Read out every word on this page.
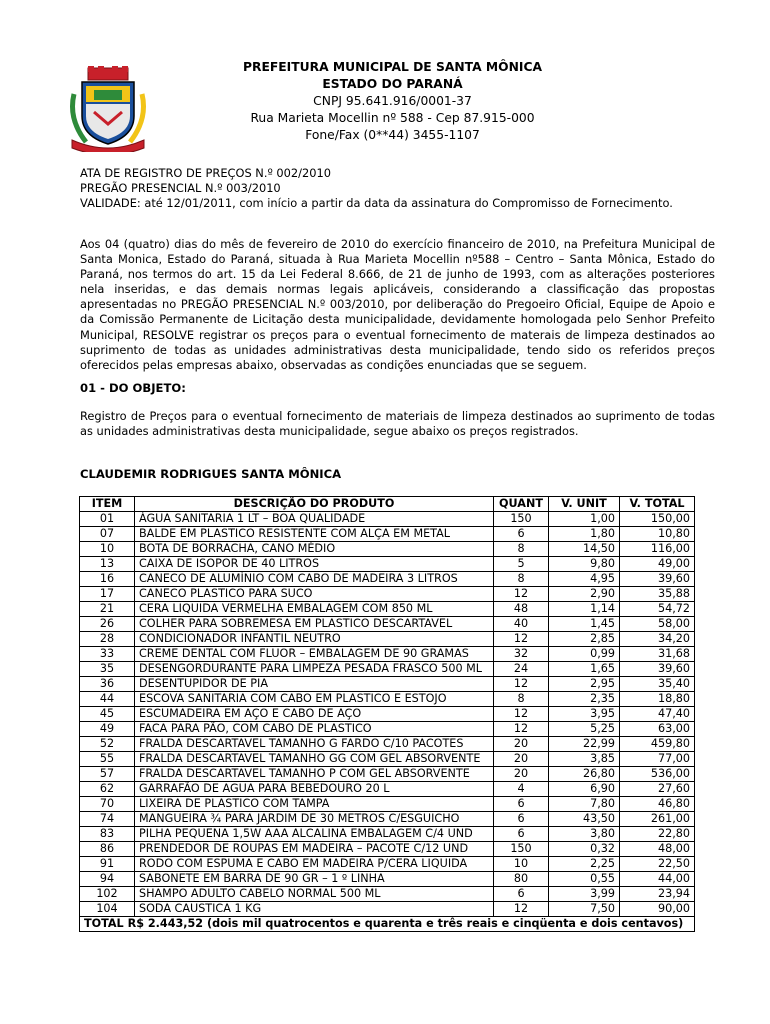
PREFEITURA MUNICIPAL DE SANTA MÔNICA
ESTADO DO PARANÁ
CNPJ 95.641.916/0001-37
Rua Marieta Mocellin nº 588 - Cep 87.915-000
Fone/Fax (0**44) 3455-1107
ATA DE REGISTRO DE PREÇOS N.º 002/2010
PREGÃO PRESENCIAL N.º 003/2010
VALIDADE: até 12/01/2011, com início a partir da data da assinatura do Compromisso de Fornecimento.
Aos 04 (quatro) dias do mês de fevereiro de 2010 do exercício financeiro de 2010, na Prefeitura Municipal de Santa Monica, Estado do Paraná, situada à Rua Marieta Mocellin nº588 – Centro – Santa Mônica, Estado do Paraná, nos termos do art. 15 da Lei Federal 8.666, de 21 de junho de 1993, com as alterações posteriores nela inseridas, e das demais normas legais aplicáveis, considerando a classificação das propostas apresentadas no PREGÃO PRESENCIAL N.º 003/2010, por deliberação do Pregoeiro Oficial, Equipe de Apoio e da Comissão Permanente de Licitação desta municipalidade, devidamente homologada pelo Senhor Prefeito Municipal, RESOLVE registrar os preços para o eventual fornecimento de materais de limpeza destinados ao suprimento de todas as unidades administrativas desta municipalidade, tendo sido os referidos preços oferecidos pelas empresas abaixo, observadas as condições enunciadas que se seguem.
01 - DO OBJETO:
Registro de Preços para o eventual fornecimento de materiais de limpeza destinados ao suprimento de todas as unidades administrativas desta municipalidade, segue abaixo os preços registrados.
CLAUDEMIR RODRIGUES SANTA MÔNICA
ITEM	DESCRIÇÃO DO PRODUTO	QUANT	V. UNIT	V. TOTAL
01	ÁGUA SANITARIA 1 LT – BOA QUALIDADE	150	1,00	150,00
07	BALDE EM PLASTICO RESISTENTE COM ALÇA EM METAL	6	1,80	10,80
10	BOTA DE BORRACHA, CANO MÉDIO	8	14,50	116,00
13	CAIXA DE ISOPOR DE 40 LITROS	5	9,80	49,00
16	CANECO DE ALUMÍNIO COM CABO DE MADEIRA 3 LITROS	8	4,95	39,60
17	CANECO PLASTICO PARA SUCO	12	2,90	35,88
21	CERA LIQUIDA VERMELHA EMBALAGEM COM 850 ML	48	1,14	54,72
26	COLHER PARA SOBREMESA EM PLASTICO DESCARTAVEL	40	1,45	58,00
28	CONDICIONADOR INFANTIL NEUTRO	12	2,85	34,20
33	CREME DENTAL COM FLUOR – EMBALAGEM DE 90 GRAMAS	32	0,99	31,68
35	DESENGORDURANTE PARA LIMPEZA PESADA FRASCO 500 ML	24	1,65	39,60
36	DESENTUPIDOR DE PIA	12	2,95	35,40
44	ESCOVA SANITARIA COM CABO EM PLASTICO E ESTOJO	8	2,35	18,80
45	ESCUMADEIRA EM AÇO E CABO DE AÇO	12	3,95	47,40
49	FACA PARA PÃO, COM CABO DE PLASTICO	12	5,25	63,00
52	FRALDA DESCARTAVEL TAMANHO G FARDO C/10 PACOTES	20	22,99	459,80
55	FRALDA DESCARTAVEL TAMANHO GG COM GEL ABSORVENTE	20	3,85	77,00
57	FRALDA DESCARTAVEL TAMANHO P COM GEL ABSORVENTE	20	26,80	536,00
62	GARRAFÃO DE AGUA PARA BEBEDOURO 20 L	4	6,90	27,60
70	LIXEIRA DE PLASTICO COM TAMPA	6	7,80	46,80
74	MANGUEIRA ¾ PARA JARDIM DE 30 METROS C/ESGUICHO	6	43,50	261,00
83	PILHA PEQUENA 1,5W AAA ALCALINA EMBALAGEM C/4 UND	6	3,80	22,80
86	PRENDEDOR DE ROUPAS EM MADEIRA – PACOTE C/12 UND	150	0,32	48,00
91	RODO COM ESPUMA E CABO EM MADEIRA P/CERA LIQUIDA	10	2,25	22,50
94	SABONETE EM BARRA DE 90 GR – 1 º LINHA	80	0,55	44,00
102	SHAMPO ADULTO CABELO NORMAL 500 ML	6	3,99	23,94
104	SODA CAUSTICA 1 KG	12	7,50	90,00
TOTAL R$ 2.443,52 (dois mil quatrocentos e quarenta e três reais e cinqüenta e dois centavos)				
